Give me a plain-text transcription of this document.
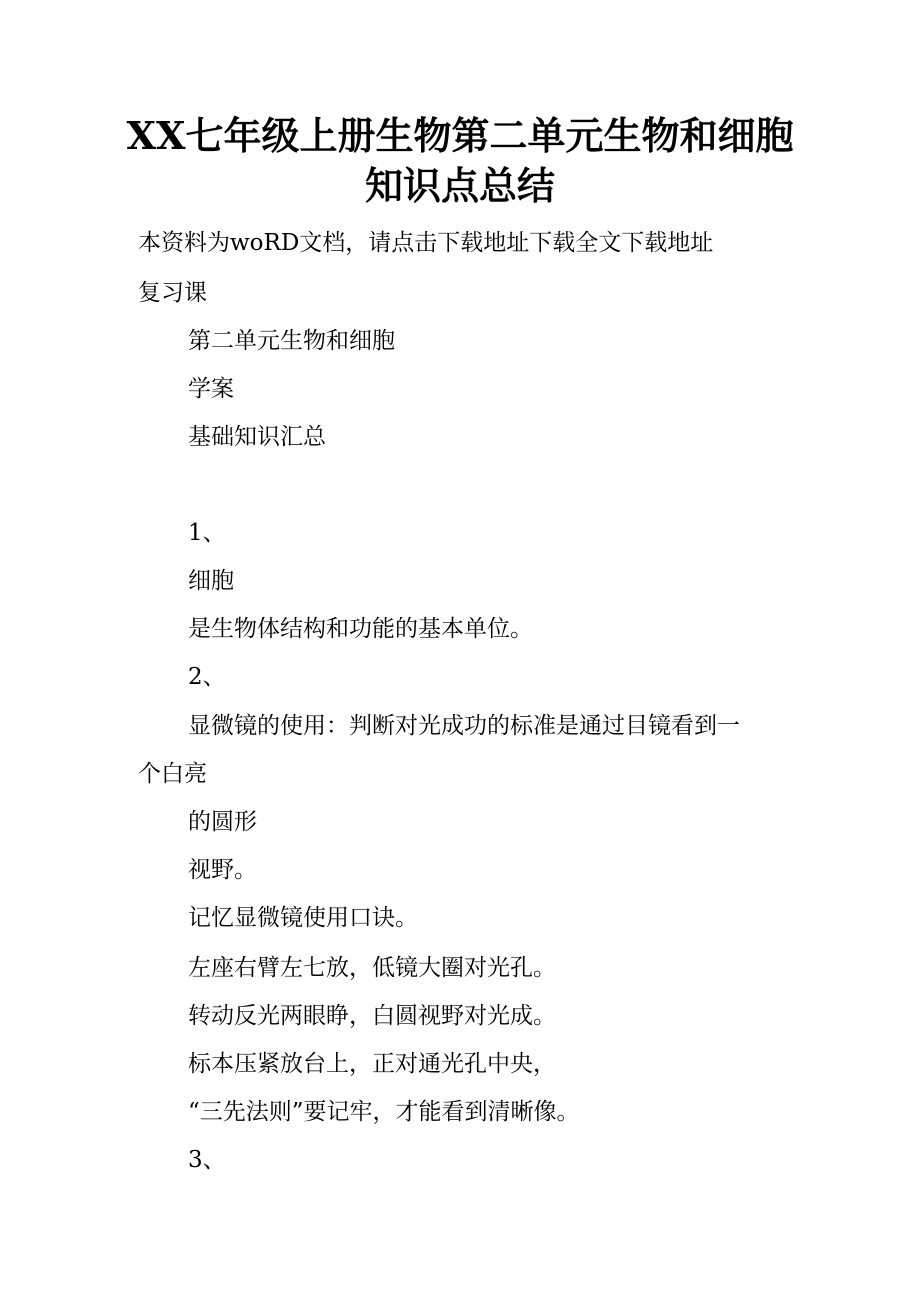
XX七年级上册生物第二单元生物和细胞
知识点总结
本资料为woRD文档，请点击下载地址下载全文下载地址
复习课
第二单元生物和细胞
学案
基础知识汇总
1、
细胞
是生物体结构和功能的基本单位。
2、
显微镜的使用：判断对光成功的标准是通过目镜看到一
个白亮
的圆形
视野。
记忆显微镜使用口诀。
左座右臂左七放，低镜大圈对光孔。
转动反光两眼睁，白圆视野对光成。
标本压紧放台上，正对通光孔中央，
“三先法则”要记牢，才能看到清晰像。
3、
